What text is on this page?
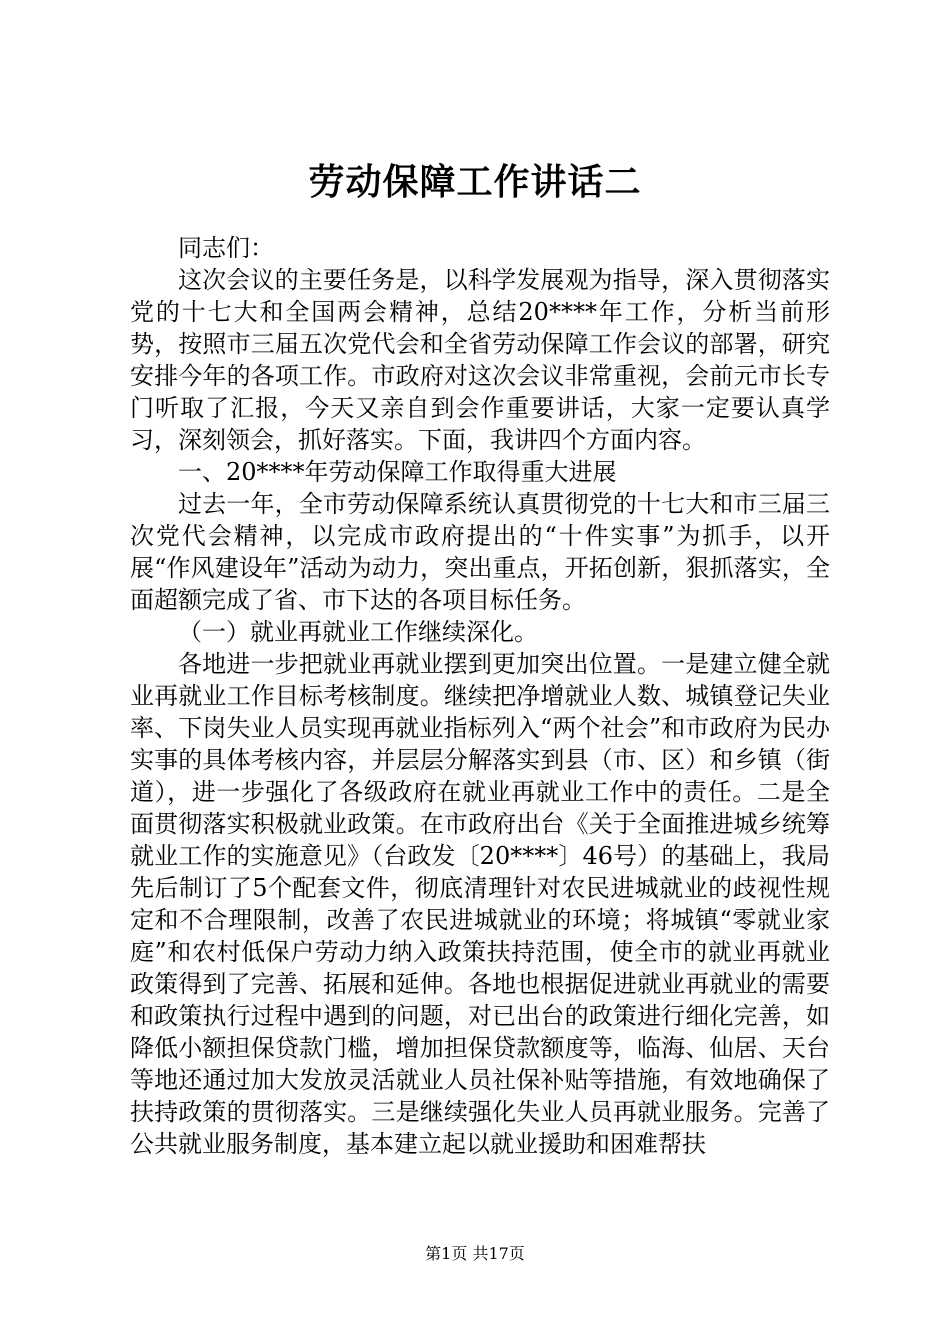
劳动保障工作讲话二

同志们：

这次会议的主要任务是，以科学发展观为指导，深入贯彻落实党的十七大和全国两会精神，总结20****年工作，分析当前形势，按照市三届五次党代会和全省劳动保障工作会议的部署，研究安排今年的各项工作。市政府对这次会议非常重视，会前元市长专门听取了汇报，今天又亲自到会作重要讲话，大家一定要认真学习，深刻领会，抓好落实。下面，我讲四个方面内容。

一、20****年劳动保障工作取得重大进展

过去一年，全市劳动保障系统认真贯彻党的十七大和市三届三次党代会精神，以完成市政府提出的“十件实事”为抓手，以开展“作风建设年”活动为动力，突出重点，开拓创新，狠抓落实，全面超额完成了省、市下达的各项目标任务。

（一）就业再就业工作继续深化。

各地进一步把就业再就业摆到更加突出位置。一是建立健全就业再就业工作目标考核制度。继续把净增就业人数、城镇登记失业率、下岗失业人员实现再就业指标列入“两个社会”和市政府为民办实事的具体考核内容，并层层分解落实到县（市、区）和乡镇（街道），进一步强化了各级政府在就业再就业工作中的责任。二是全面贯彻落实积极就业政策。在市政府出台《关于全面推进城乡统筹就业工作的实施意见》（台政发〔20****〕46号）的基础上，我局先后制订了5个配套文件，彻底清理针对农民进城就业的歧视性规定和不合理限制，改善了农民进城就业的环境；将城镇“零就业家庭”和农村低保户劳动力纳入政策扶持范围，使全市的就业再就业政策得到了完善、拓展和延伸。各地也根据促进就业再就业的需要和政策执行过程中遇到的问题，对已出台的政策进行细化完善，如降低小额担保贷款门槛，增加担保贷款额度等，临海、仙居、天台等地还通过加大发放灵活就业人员社保补贴等措施，有效地确保了扶持政策的贯彻落实。三是继续强化失业人员再就业服务。完善了公共就业服务制度，基本建立起以就业援助和困难帮扶

第1页 共17页
